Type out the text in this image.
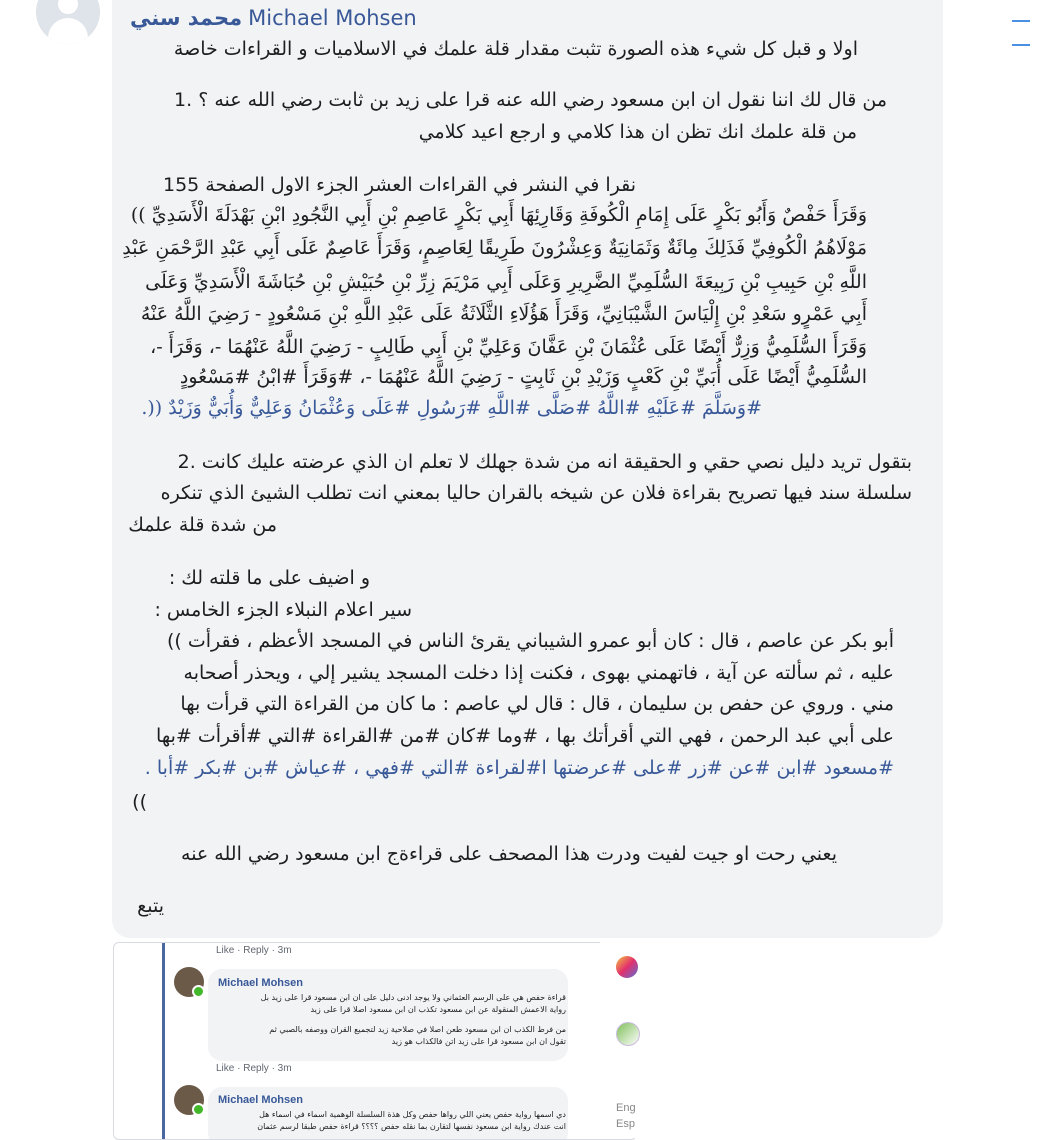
محمد سني Michael Mohsen
اولا و قبل كل شيء هذه الصورة تثبت مقدار قلة علمك في الاسلاميات و القراءات خاصة
من قال لك اننا نقول ان ابن مسعود رضي الله عنه قرا على زيد بن ثابت رضي الله عنه ؟ .1
من قلة علمك انك تظن ان هذا كلامي و ارجع اعيد كلامي
نقرا في النشر في القراءات العشر الجزء الاول الصفحة 155
وَقَرَأَ حَفْصٌ وَأَبُو بَكْرٍ عَلَى إِمَامِ الْكُوفَةِ وَقَارِئِهَا أَبِي بَكْرٍ عَاصِمِ بْنِ أَبِي النَّجُودِ ابْنِ بَهْدَلَةَ الْأَسَدِيِّ ))
مَوْلَاهُمُ الْكُوفِيِّ فَذَلِكَ مِائَةٌ وَثَمَانِيَةٌ وَعِشْرُونَ طَرِيقًا لِعَاصِمٍ، وَقَرَأَ عَاصِمٌ عَلَى أَبِي عَبْدِ الرَّحْمَنِ عَبْدِ
اللَّهِ بْنِ حَبِيبِ بْنِ رَبِيعَةَ السُّلَمِيِّ الضَّرِيرِ وَعَلَى أَبِي مَرْيَمَ زِرِّ بْنِ حُبَيْشِ بْنِ حُبَاشَةَ الْأَسَدِيِّ وَعَلَى
أَبِي عَمْرٍو سَعْدِ بْنِ إِلْيَاسَ الشَّيْبَانِيِّ، وَقَرَأَ هَؤُلَاءِ الثَّلَاثَةُ عَلَى عَبْدِ اللَّهِ بْنِ مَسْعُودٍ - رَضِيَ اللَّهُ عَنْهُ
وَقَرَأَ السُّلَمِيُّ وَزِرٌّ أَيْضًا عَلَى عُثْمَانَ بْنِ عَفَّانَ وَعَلِيِّ بْنِ أَبِي طَالِبٍ - رَضِيَ اللَّهُ عَنْهُمَا -، وَقَرَأَ -،
السُّلَمِيُّ أَيْضًا عَلَى أُبَيِّ بْنِ كَعْبٍ وَزَيْدِ بْنِ ثَابِتٍ - رَضِيَ اللَّهُ عَنْهُمَا -، #وَقَرَأَ #ابْنُ #مَسْعُودٍ
#وَسَلَّمَ #عَلَيْهِ #اللَّهُ #صَلَّى #اللَّهِ #رَسُولِ #عَلَى وَعُثْمَانُ وَعَلِيٌّ وَأُبَيٌّ وَزَيْدٌ ((.
بتقول تريد دليل نصي حقي و الحقيقة انه من شدة جهلك لا تعلم ان الذي عرضته عليك كانت .2
سلسلة سند فيها تصريح بقراءة فلان عن شيخه بالقران حاليا بمعني انت تطلب الشيئ الذي تنكره
من شدة قلة علمك
و اضيف على ما قلته لك :
سير اعلام النبلاء الجزء الخامس :
أبو بكر عن عاصم ، قال : كان أبو عمرو الشيباني يقرئ الناس في المسجد الأعظم ، فقرأت ))
عليه ، ثم سألته عن آية ، فاتهمني بهوى ، فكنت إذا دخلت المسجد يشير إلي ، ويحذر أصحابه
مني . وروي عن حفص بن سليمان ، قال : قال لي عاصم : ما كان من القراءة التي قرأت بها
على أبي عبد الرحمن ، فهي التي أقرأتك بها ، #وما #كان #من #القراءة #التي #أقرأت #بها
#مسعود #ابن #عن #زر #على #عرضتها ا#لقراءة #التي #فهي ، #عياش #بن #بكر #أبا .
((
يعني رحت او جيت لفيت ودرت هذا المصحف على قراءةج ابن مسعود رضي الله عنه
يتبع
Like · Reply · 3m
Michael Mohsen
قراءة حفص هي على الرسم العثماني ولا يوجد ادنى دليل على ان ابن مسعود قرا على زيد بل
رواية الاعمش المنقولة عن ابن مسعود تكذب ان ابن مسعود اصلا قرا على زيد
من فرط الكذب ان ابن مسعود طعن اصلا في صلاحية زيد لتجميع القران ووصفه بالصبي ثم
تقول ان ابن مسعود قرا على زيد اتن فالكذاب هو زيد
Like · Reply · 3m
Michael Mohsen
دي اسمها رواية حفص يعني اللي رواها حفص وكل هذة السلسلة الوهمية اسماء في اسماء هل
انت عندك رواية ابن مسعود نفسها لتقارن بما نقله حفص ؟؟؟؟ قراءة حفص طبقا لرسم عثمان
Eng
Esp
